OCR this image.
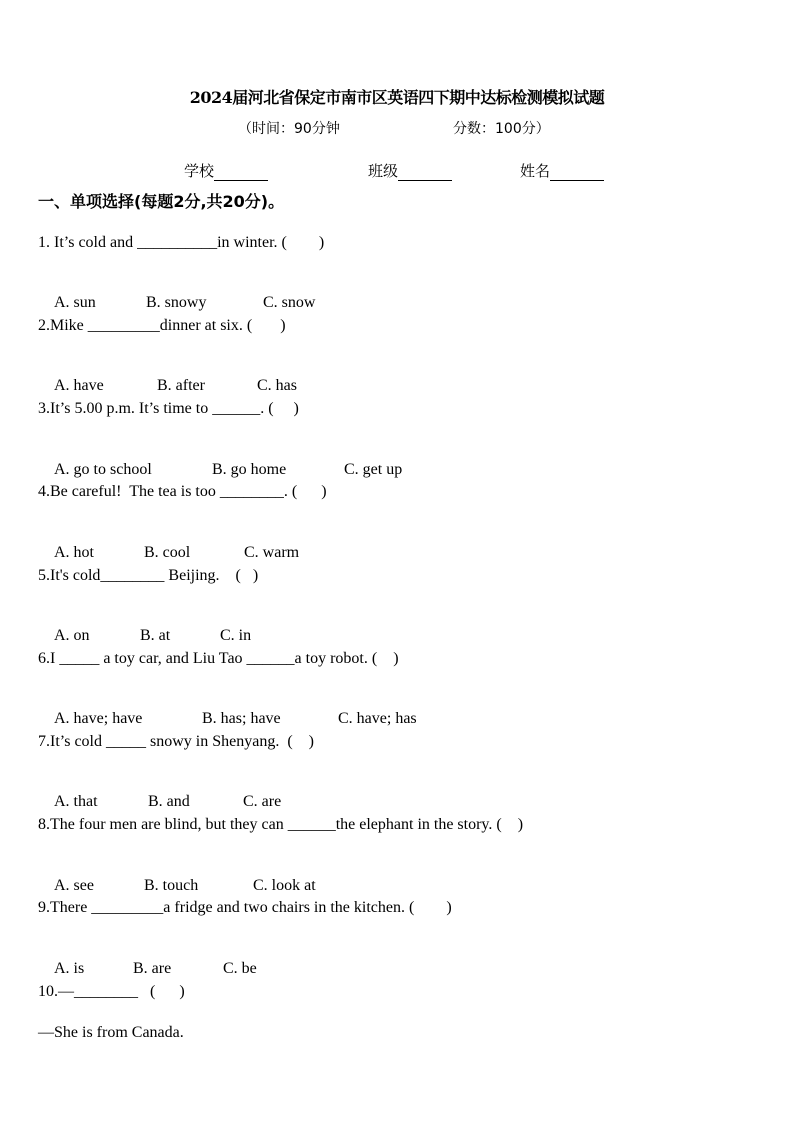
2024届河北省保定市南市区英语四下期中达标检测模拟试题
（时间：90分钟	分数：100分）
学校	班级	姓名
一、单项选择(每题2分,共20分)。
1. It’s cold and __________in winter. (        )

A. sun	B. snowy	C. snow

2.Mike _________dinner at six. (       )

A. have	B. after	C. has

3.It’s 5.00 p.m. It’s time to ______. (     )

A. go to school	B. go home	C. get up

4.Be careful!  The tea is too ________. (      )

A. hot	B. cool	C. warm

5.It's cold________ Beijing.    (   )

A. on	B. at	C. in

6.I _____ a toy car, and Liu Tao ______a toy robot. (    )

A. have; have	B. has; have	C. have; has

7.It’s cold _____ snowy in Shenyang.  (    )

A. that	B. and	C. are

8.The four men are blind, but they can ______the elephant in the story. (    )

A. see	B. touch	C. look at

9.There _________a fridge and two chairs in the kitchen. (        )

A. is	B. are	C. be

10.—________   (      )
—She is from Canada.
